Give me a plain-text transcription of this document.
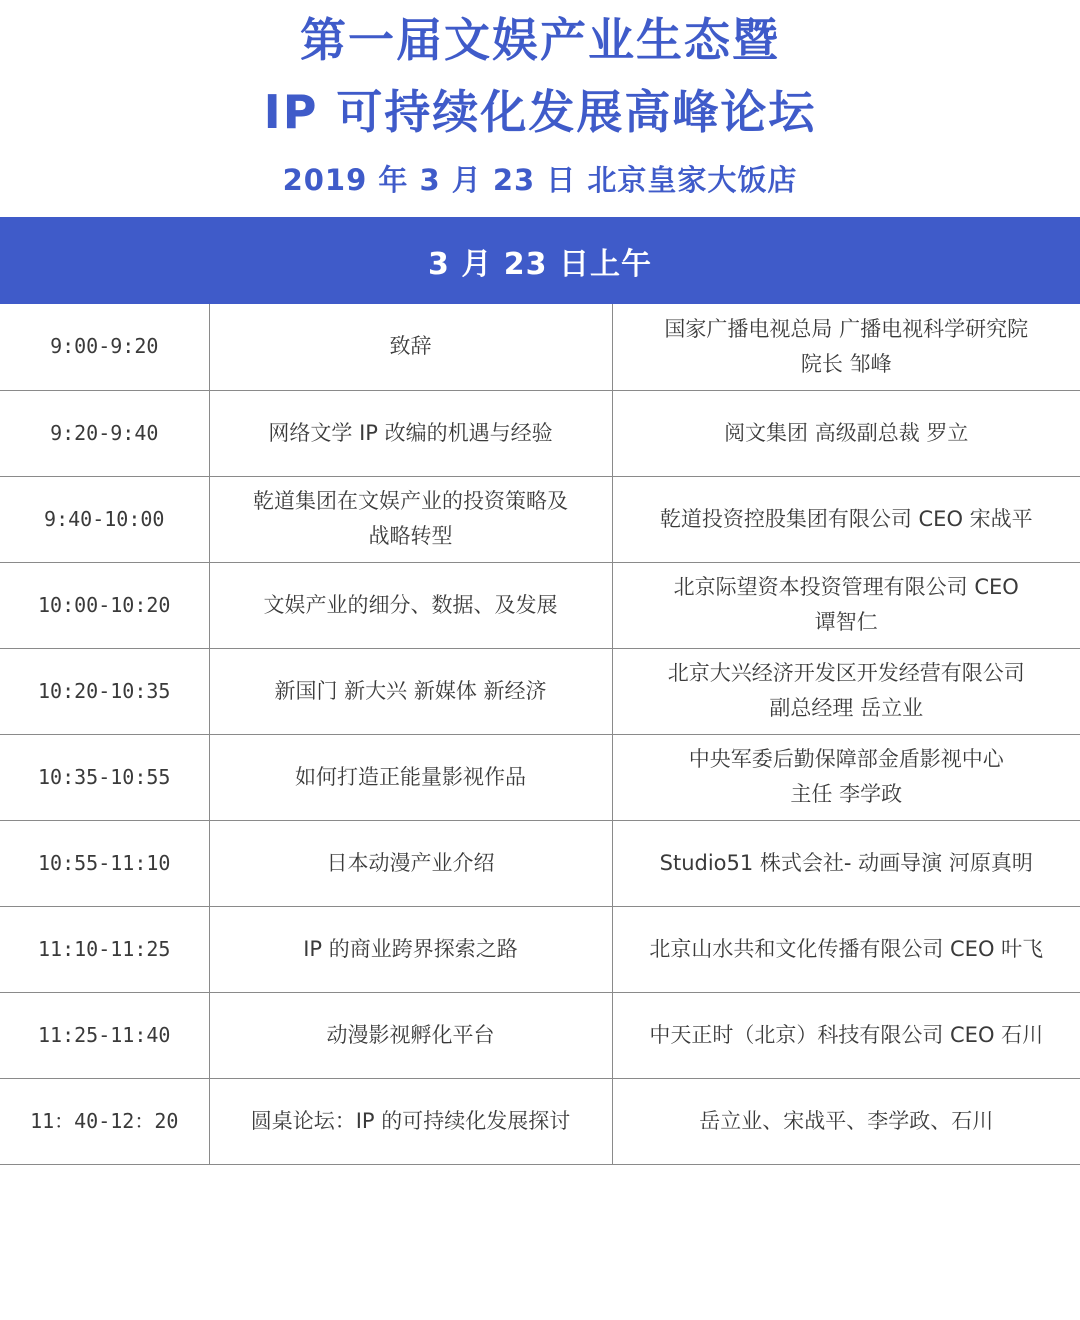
第一届文娱产业生态暨
IP 可持续化发展高峰论坛
2019 年 3 月 23 日 北京皇家大饭店
3 月 23 日上午
9:00-9:20	致辞	国家广播电视总局 广播电视科学研究院
院长 邹峰

9:20-9:40	网络文学 IP 改编的机遇与经验	阅文集团 高级副总裁 罗立

9:40-10:00	乾道集团在文娱产业的投资策略及
战略转型	乾道投资控股集团有限公司 CEO 宋战平

10:00-10:20	文娱产业的细分、数据、及发展	北京际望资本投资管理有限公司 CEO
谭智仁

10:20-10:35	新国门 新大兴 新媒体 新经济	北京大兴经济开发区开发经营有限公司
副总经理 岳立业

10:35-10:55	如何打造正能量影视作品	中央军委后勤保障部金盾影视中心
主任 李学政

10:55-11:10	日本动漫产业介绍	Studio51 株式会社- 动画导演 河原真明

11:10-11:25	IP 的商业跨界探索之路	北京山水共和文化传播有限公司 CEO 叶飞

11:25-11:40	动漫影视孵化平台	中天正时（北京）科技有限公司 CEO 石川

11：40-12：20	圆桌论坛：IP 的可持续化发展探讨	岳立业、宋战平、李学政、石川
